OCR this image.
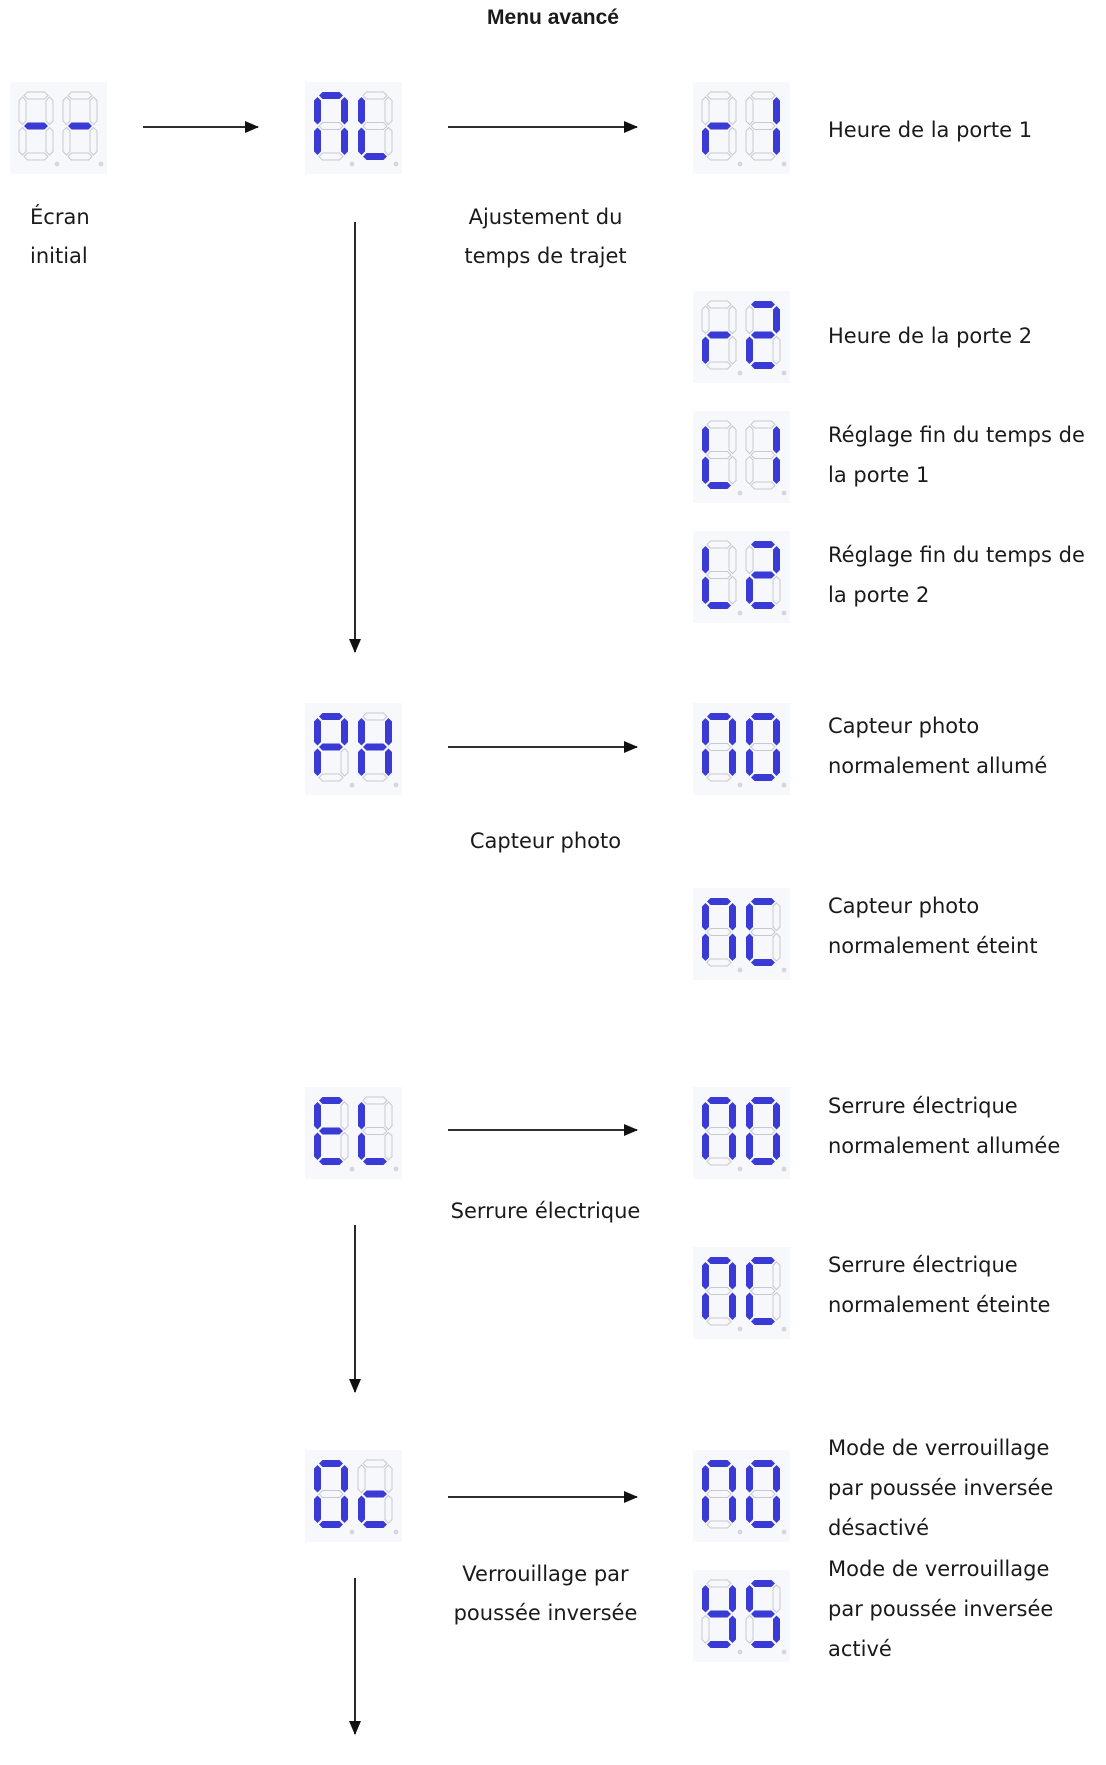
Menu avancé
Écran
initial
Ajustement du
temps de trajet
Capteur photo
Serrure électrique
Verrouillage par
poussée inversée
Heure de la porte 1
Heure de la porte 2
Réglage fin du temps de
la porte 1
Réglage fin du temps de
la porte 2
Capteur photo
normalement allumé
Capteur photo
normalement éteint
Serrure électrique
normalement allumée
Serrure électrique
normalement éteinte
Mode de verrouillage
par poussée inversée
désactivé
Mode de verrouillage
par poussée inversée
activé
